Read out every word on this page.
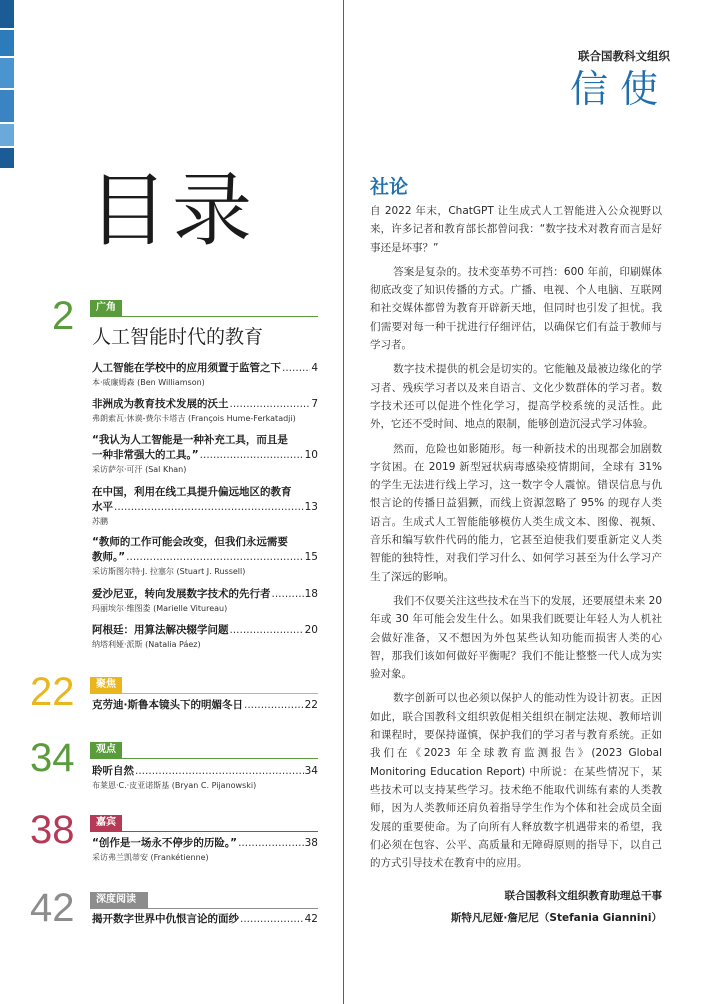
目录
2	广角
人工智能时代的教育
人工智能在学校中的应用须置于监管之下 .....	4
本·威廉姆森 (Ben Williamson)
非洲成为教育技术发展的沃土 .....	7
弗朗索瓦·休谟-费尔卡塔吉 (François Hume-Ferkatadji)
“我认为人工智能是一种补充工具，而且是
一种非常强大的工具。” .....	10
采访萨尔·可汗 (Sal Khan)
在中国，利用在线工具提升偏远地区的教育
水平 .....	13
苏鹏
“教师的工作可能会改变，但我们永远需要
教师。” .....	15
采访斯图尔特·J. 拉塞尔 (Stuart J. Russell)
爱沙尼亚，转向发展数字技术的先行者 .....	18
玛丽埃尔·维图娄 (Marielle Vitureau)
阿根廷：用算法解决辍学问题 .....	20
纳塔利娅·派斯 (Natalia Páez)
22	聚焦
克劳迪·斯鲁本镜头下的明媚冬日 .....	22
34	观点
聆听自然 .....	34
布莱恩·C.·皮亚诺斯基 (Bryan C. Pijanowski)
38	嘉宾
“创作是一场永不停步的历险。” .....	38
采访弗兰凯蒂安 (Frankétienne)
42	深度阅读
揭开数字世界中仇恨言论的面纱 .....	42
联合国教科文组织
信使
社论

自 2022 年末，ChatGPT 让生成式人工智能进入公众视野以来，许多记者和教育部长都曾问我：“数字技术对教育而言是好事还是坏事？”

答案是复杂的。技术变革势不可挡：600 年前，印刷媒体彻底改变了知识传播的方式。广播、电视、个人电脑、互联网和社交媒体都曾为教育开辟新天地，但同时也引发了担忧。我们需要对每一种干扰进行仔细评估，以确保它们有益于教师与学习者。

数字技术提供的机会是切实的。它能触及最被边缘化的学习者、残疾学习者以及来自语言、文化少数群体的学习者。数字技术还可以促进个性化学习，提高学校系统的灵活性。此外，它还不受时间、地点的限制，能够创造沉浸式学习体验。

然而，危险也如影随形。每一种新技术的出现都会加剧数字贫困。在 2019 新型冠状病毒感染疫情期间，全球有 31% 的学生无法进行线上学习，这一数字令人震惊。错误信息与仇恨言论的传播日益猖獗，而线上资源忽略了 95% 的现存人类语言。生成式人工智能能够模仿人类生成文本、图像、视频、音乐和编写软件代码的能力，它甚至迫使我们要重新定义人类智能的独特性，对我们学习什么、如何学习甚至为什么学习产生了深远的影响。

我们不仅要关注这些技术在当下的发展，还要展望未来 20 年或 30 年可能会发生什么。如果我们既要让年轻人为人机社会做好准备，又不想因为外包某些认知功能而损害人类的心智，那我们该如何做好平衡呢？我们不能让整整一代人成为实验对象。

数字创新可以也必须以保护人的能动性为设计初衷。正因如此，联合国教科文组织敦促相关组织在制定法规、教师培训和课程时，要保持谨慎，保护我们的学习者与教育系统。正如我们在《2023 年全球教育监测报告》(2023 Global Monitoring Education Report) 中所说：在某些情况下，某些技术可以支持某些学习。技术绝不能取代训练有素的人类教师，因为人类教师还肩负着指导学生作为个体和社会成员全面发展的重要使命。为了向所有人释放数字机遇带来的希望，我们必须在包容、公平、高质量和无障碍原则的指导下，以自己的方式引导技术在教育中的应用。

联合国教科文组织教育助理总干事
斯特凡尼娅·詹尼尼（Stefania Giannini）
